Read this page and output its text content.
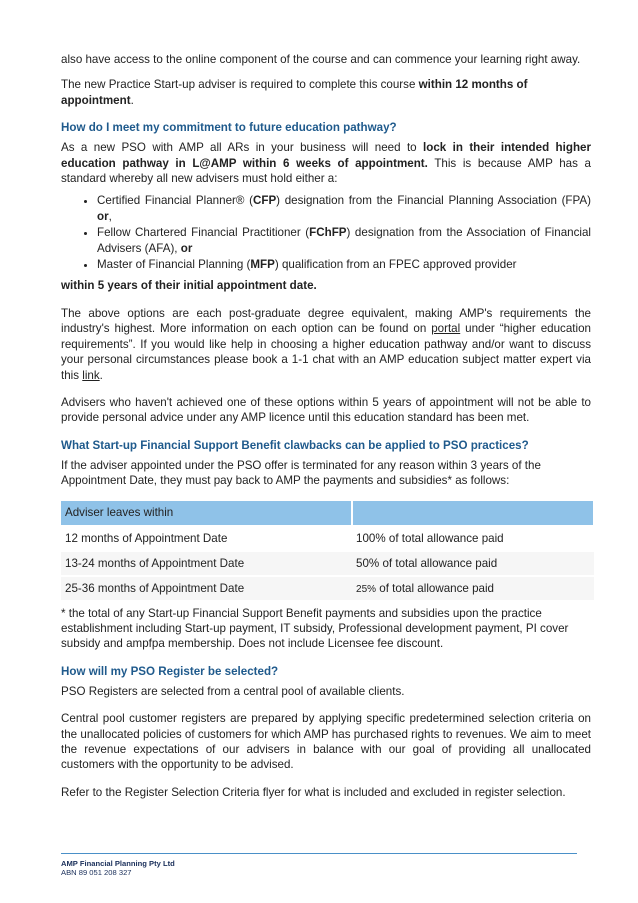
also have access to the online component of the course and can commence your learning right away.

The new Practice Start-up adviser is required to complete this course within 12 months of appointment.

How do I meet my commitment to future education pathway?

As a new PSO with AMP all ARs in your business will need to lock in their intended higher education pathway in L@AMP within 6 weeks of appointment. This is because AMP has a standard whereby all new advisers must hold either a:

• Certified Financial Planner® (CFP) designation from the Financial Planning Association (FPA) or,
• Fellow Chartered Financial Practitioner (FChFP) designation from the Association of Financial Advisers (AFA), or
• Master of Financial Planning (MFP) qualification from an FPEC approved provider

within 5 years of their initial appointment date.

The above options are each post-graduate degree equivalent, making AMP's requirements the industry's highest. More information on each option can be found on portal under “higher education requirements”. If you would like help in choosing a higher education pathway and/or want to discuss your personal circumstances please book a 1-1 chat with an AMP education subject matter expert via this link.

Advisers who haven't achieved one of these options within 5 years of appointment will not be able to provide personal advice under any AMP licence until this education standard has been met.

What Start-up Financial Support Benefit clawbacks can be applied to PSO practices?

If the adviser appointed under the PSO offer is terminated for any reason within 3 years of the Appointment Date, they must pay back to AMP the payments and subsidies* as follows:

Adviser leaves within	
12 months of Appointment Date	100% of total allowance paid
13-24 months of Appointment Date	50% of total allowance paid
25-36 months of Appointment Date	25% of total allowance paid

* the total of any Start-up Financial Support Benefit payments and subsidies upon the practice establishment including Start-up payment, IT subsidy, Professional development payment, PI cover subsidy and ampfpa membership. Does not include Licensee fee discount.

How will my PSO Register be selected?

PSO Registers are selected from a central pool of available clients.

Central pool customer registers are prepared by applying specific predetermined selection criteria on the unallocated policies of customers for which AMP has purchased rights to revenues. We aim to meet the revenue expectations of our advisers in balance with our goal of providing all unallocated customers with the opportunity to be advised.

Refer to the Register Selection Criteria flyer for what is included and excluded in register selection.

AMP Financial Planning Pty Ltd
ABN 89 051 208 327
